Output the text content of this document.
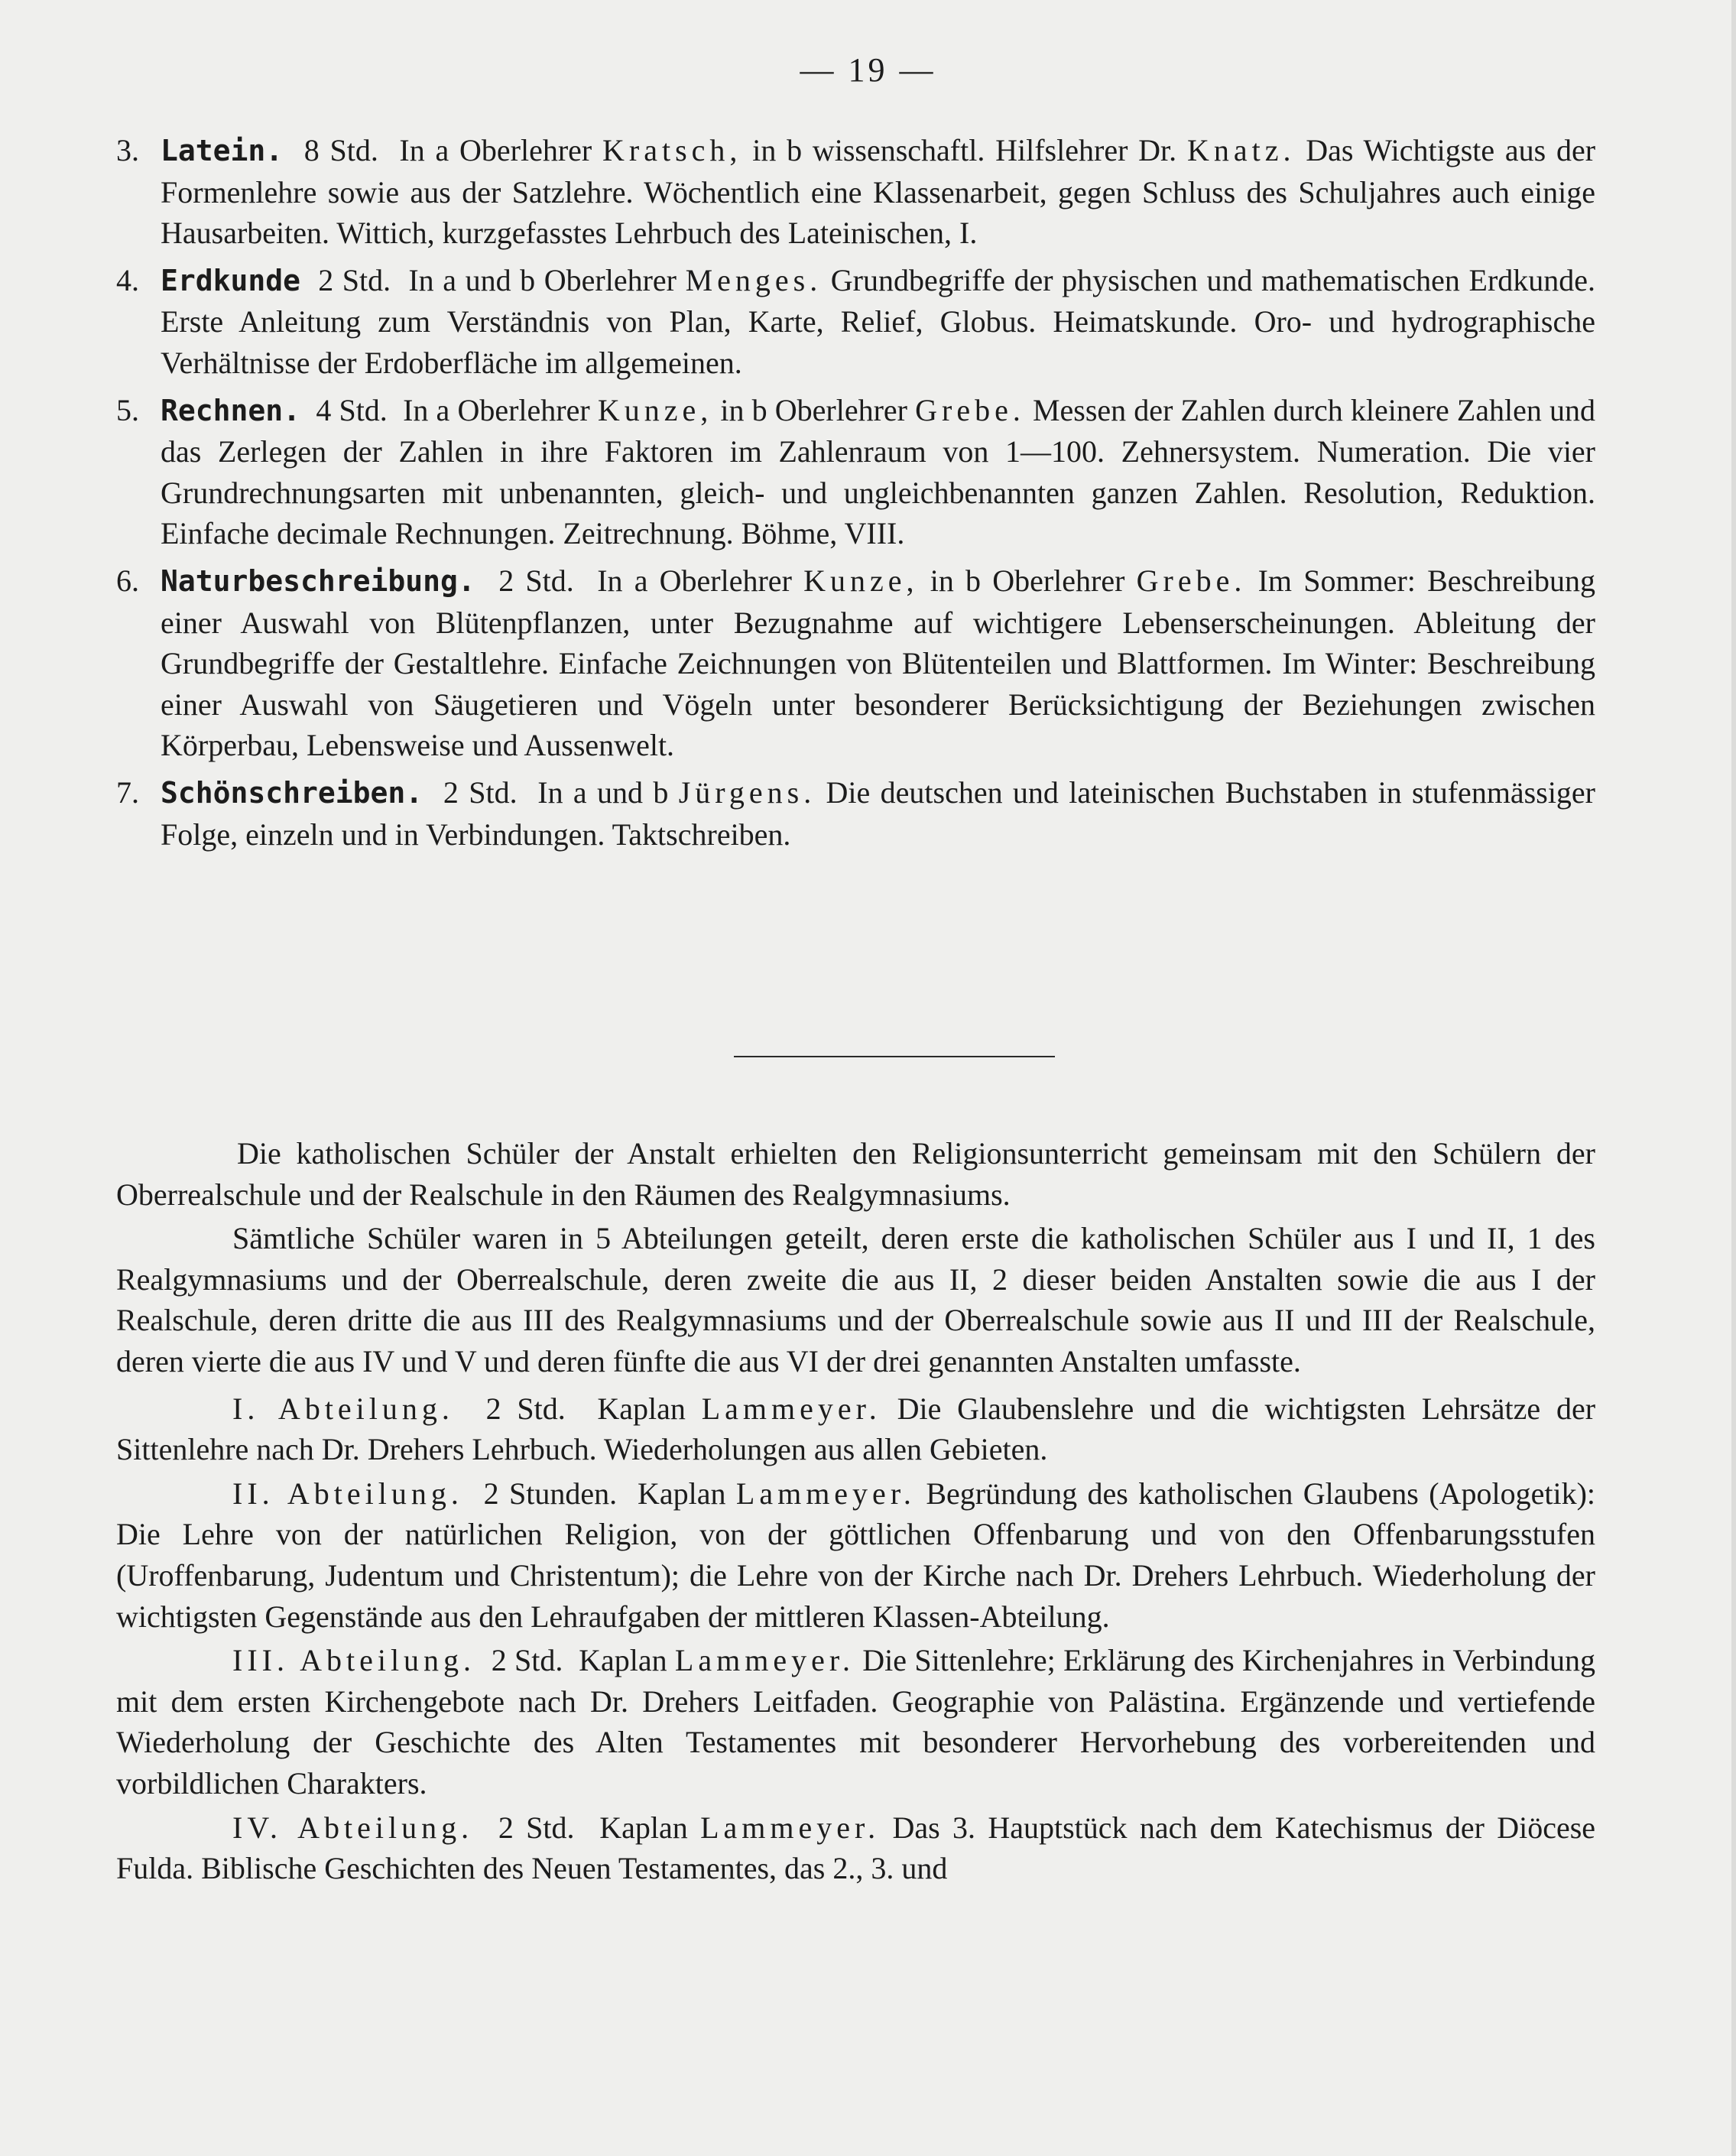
— 19 —
3. Latein. 8 Std. In a Oberlehrer Kratsch, in b wissenschaftl. Hilfslehrer Dr. Knatz. Das Wichtigste aus der Formenlehre sowie aus der Satzlehre. Wöchentlich eine Klassenarbeit, gegen Schluss des Schuljahres auch einige Hausarbeiten. Wittich, kurzgefasstes Lehrbuch des Lateinischen, I.
4. Erdkunde 2 Std. In a und b Oberlehrer Menges. Grundbegriffe der physischen und mathematischen Erdkunde. Erste Anleitung zum Verständnis von Plan, Karte, Relief, Globus. Heimatskunde. Oro- und hydrographische Verhältnisse der Erdoberfläche im allgemeinen.
5. Rechnen. 4 Std. In a Oberlehrer Kunze, in b Oberlehrer Grebe. Messen der Zahlen durch kleinere Zahlen und das Zerlegen der Zahlen in ihre Faktoren im Zahlenraum von 1—100. Zehnersystem. Numeration. Die vier Grundrechnungsarten mit unbenannten, gleich- und ungleichbenannten ganzen Zahlen. Resolution, Reduktion. Einfache decimale Rechnungen. Zeitrechnung. Böhme, VIII.
6. Naturbeschreibung. 2 Std. In a Oberlehrer Kunze, in b Oberlehrer Grebe. Im Sommer: Beschreibung einer Auswahl von Blütenpflanzen, unter Bezugnahme auf wichtigere Lebenserscheinungen. Ableitung der Grundbegriffe der Gestaltlehre. Einfache Zeichnungen von Blütenteilen und Blattformen. Im Winter: Beschreibung einer Auswahl von Säugetieren und Vögeln unter besonderer Berücksichtigung der Beziehungen zwischen Körperbau, Lebensweise und Aussenwelt.
7. Schönschreiben. 2 Std. In a und b Jürgens. Die deutschen und lateinischen Buchstaben in stufenmässiger Folge, einzeln und in Verbindungen. Taktschreiben.
Die katholischen Schüler der Anstalt erhielten den Religionsunterricht gemeinsam mit den Schülern der Oberrealschule und der Realschule in den Räumen des Realgymnasiums.
Sämtliche Schüler waren in 5 Abteilungen geteilt, deren erste die katholischen Schüler aus I und II, 1 des Realgymnasiums und der Oberrealschule, deren zweite die aus II, 2 dieser beiden Anstalten sowie die aus I der Realschule, deren dritte die aus III des Realgymnasiums und der Oberrealschule sowie aus II und III der Realschule, deren vierte die aus IV und V und deren fünfte die aus VI der drei genannten Anstalten umfasste.
I. Abteilung. 2 Std. Kaplan Lammeyer. Die Glaubenslehre und die wichtigsten Lehrsätze der Sittenlehre nach Dr. Drehers Lehrbuch. Wiederholungen aus allen Gebieten.
II. Abteilung. 2 Stunden. Kaplan Lammeyer. Begründung des katholischen Glaubens (Apologetik): Die Lehre von der natürlichen Religion, von der göttlichen Offenbarung und von den Offenbarungsstufen (Uroffenbarung, Judentum und Christentum); die Lehre von der Kirche nach Dr. Drehers Lehrbuch. Wiederholung der wichtigsten Gegenstände aus den Lehraufgaben der mittleren Klassen-Abteilung.
III. Abteilung. 2 Std. Kaplan Lammeyer. Die Sittenlehre; Erklärung des Kirchenjahres in Verbindung mit dem ersten Kirchengebote nach Dr. Drehers Leitfaden. Geographie von Palästina. Ergänzende und vertiefende Wiederholung der Geschichte des Alten Testamentes mit besonderer Hervorhebung des vorbereitenden und vorbildlichen Charakters.
IV. Abteilung. 2 Std. Kaplan Lammeyer. Das 3. Hauptstück nach dem Katechismus der Diöcese Fulda. Biblische Geschichten des Neuen Testamentes, das 2., 3. und
